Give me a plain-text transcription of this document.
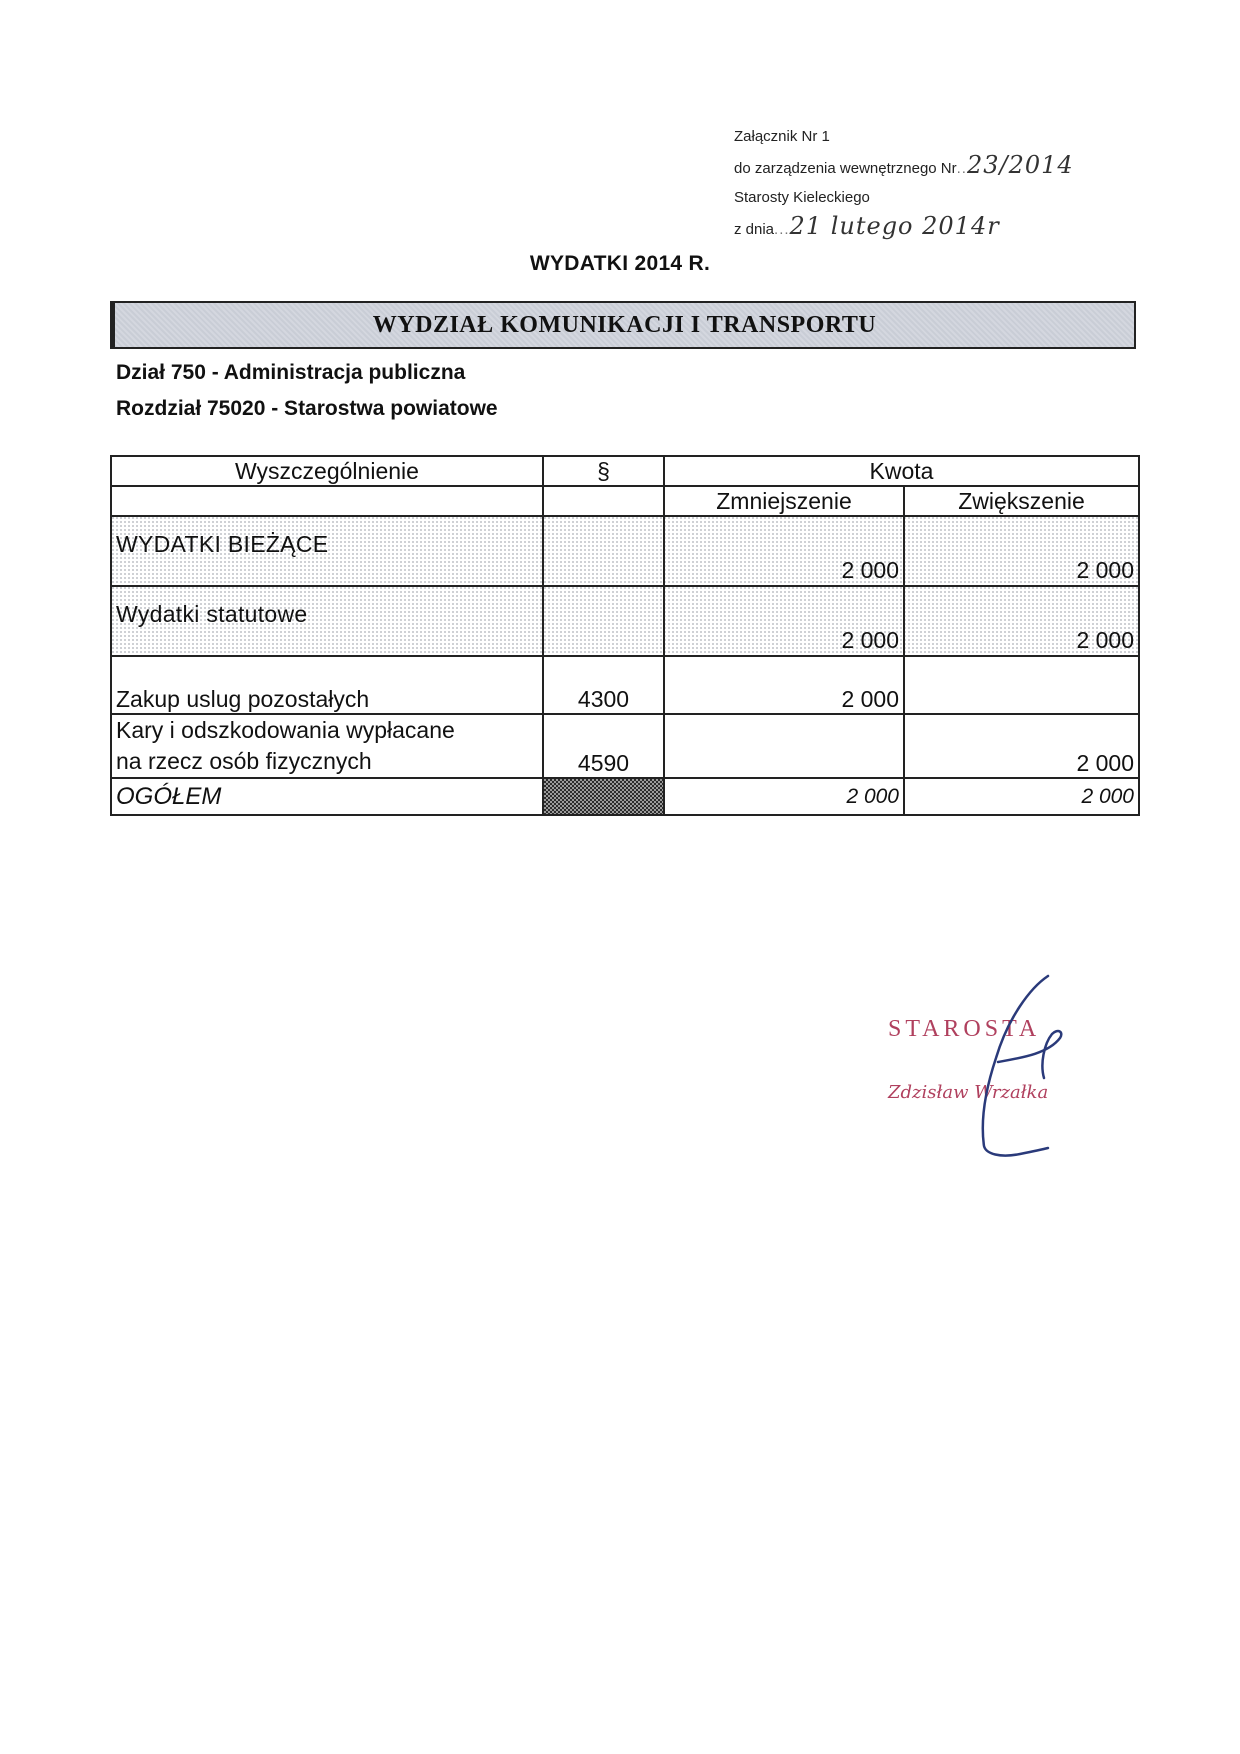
Załącznik Nr 1
do zarządzenia wewnętrznego Nr..23/2014
Starosty Kieleckiego
z dnia...21 lutego 2014r
WYDATKI 2014 R.
WYDZIAŁ KOMUNIKACJI I TRANSPORTU
Dział 750 - Administracja publiczna
Rozdział 75020 - Starostwa powiatowe
Wyszczególnienie	§	Kwota	
		Zmniejszenie	Zwiększenie
WYDATKI BIEŻĄCE		2 000	2 000
Wydatki statutowe		2 000	2 000
Zakup uslug pozostałych	4300	2 000	

Kary i odszkodowania wypłacane
na rzecz osób fizycznych	4590		2 000
OGÓŁEM		2 000	2 000
STAROSTA
Zdzisław Wrzałka
